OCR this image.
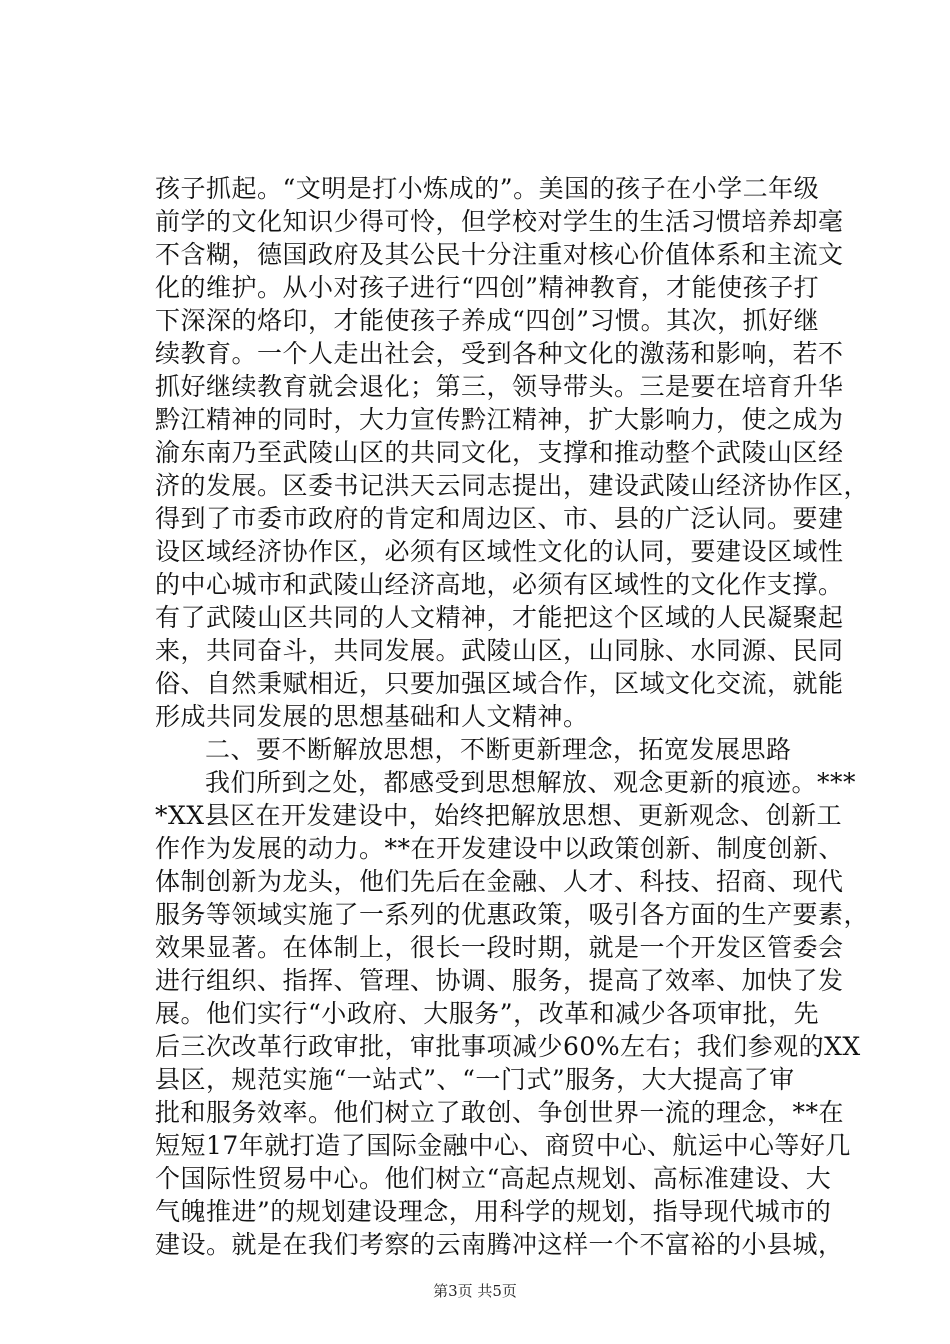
孩子抓起。“文明是打小炼成的”。美国的孩子在小学二年级
前学的文化知识少得可怜，但学校对学生的生活习惯培养却毫
不含糊，德国政府及其公民十分注重对核心价值体系和主流文
化的维护。从小对孩子进行“四创”精神教育，才能使孩子打
下深深的烙印，才能使孩子养成“四创”习惯。其次，抓好继
续教育。一个人走出社会，受到各种文化的激荡和影响，若不
抓好继续教育就会退化；第三，领导带头。三是要在培育升华
黔江精神的同时，大力宣传黔江精神，扩大影响力，使之成为
渝东南乃至武陵山区的共同文化，支撑和推动整个武陵山区经
济的发展。区委书记洪天云同志提出，建设武陵山经济协作区，
得到了市委市政府的肯定和周边区、市、县的广泛认同。要建
设区域经济协作区，必须有区域性文化的认同，要建设区域性
的中心城市和武陵山经济高地，必须有区域性的文化作支撑。
有了武陵山区共同的人文精神，才能把这个区域的人民凝聚起
来，共同奋斗，共同发展。武陵山区，山同脉、水同源、民同
俗、自然秉赋相近，只要加强区域合作，区域文化交流，就能
形成共同发展的思想基础和人文精神。
二、要不断解放思想，不断更新理念，拓宽发展思路
我们所到之处，都感受到思想解放、观念更新的痕迹。***
*XX县区在开发建设中，始终把解放思想、更新观念、创新工
作作为发展的动力。**在开发建设中以政策创新、制度创新、
体制创新为龙头，他们先后在金融、人才、科技、招商、现代
服务等领域实施了一系列的优惠政策，吸引各方面的生产要素，
效果显著。在体制上，很长一段时期，就是一个开发区管委会
进行组织、指挥、管理、协调、服务，提高了效率、加快了发
展。他们实行“小政府、大服务”，改革和减少各项审批，先
后三次改革行政审批，审批事项减少60%左右；我们参观的XX
县区，规范实施“一站式”、“一门式”服务，大大提高了审
批和服务效率。他们树立了敢创、争创世界一流的理念，**在
短短17年就打造了国际金融中心、商贸中心、航运中心等好几
个国际性贸易中心。他们树立“高起点规划、高标准建设、大
气魄推进”的规划建设理念，用科学的规划，指导现代城市的
建设。就是在我们考察的云南腾冲这样一个不富裕的小县城，
第3页 共5页
